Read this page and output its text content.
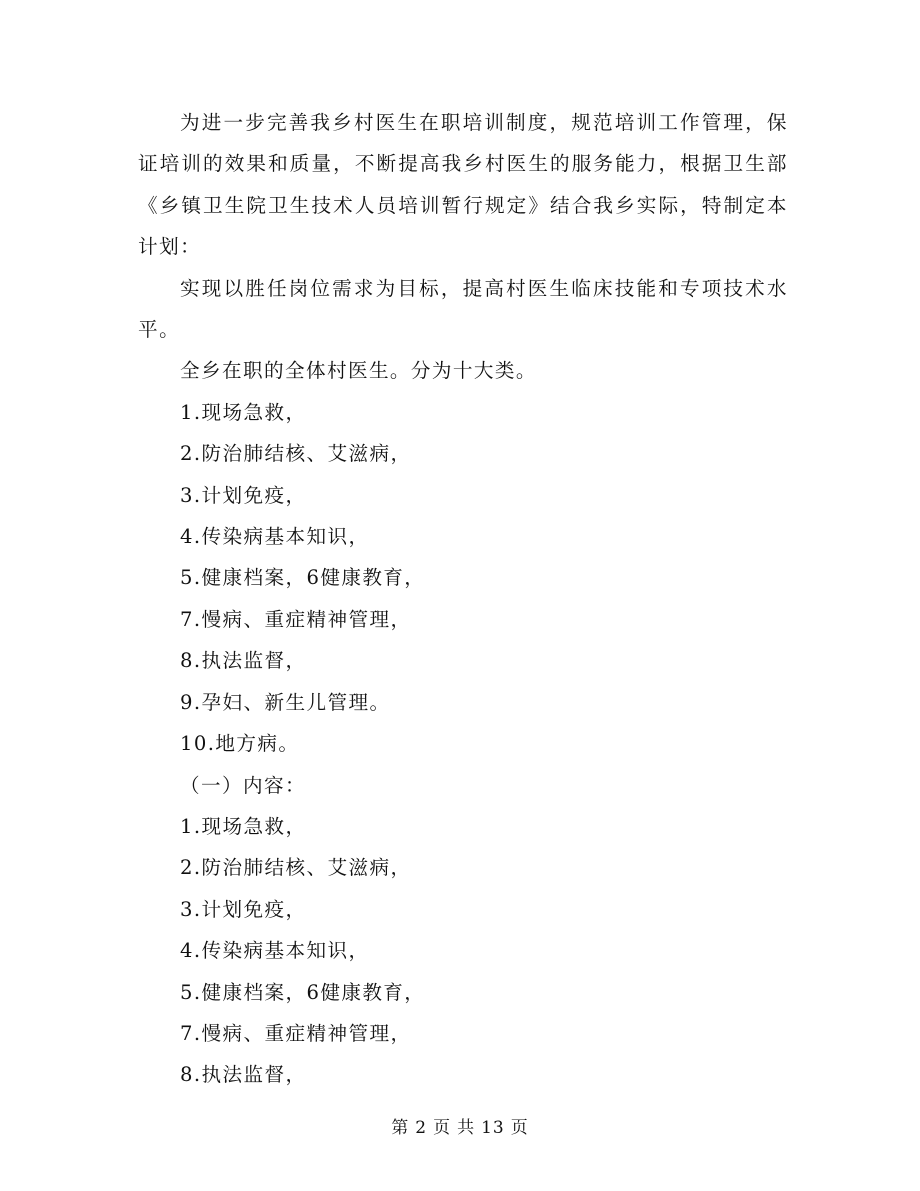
为进一步完善我乡村医生在职培训制度，规范培训工作管理，保证培训的效果和质量，不断提高我乡村医生的服务能力，根据卫生部《乡镇卫生院卫生技术人员培训暂行规定》结合我乡实际，特制定本计划：

实现以胜任岗位需求为目标，提高村医生临床技能和专项技术水平。

全乡在职的全体村医生。分为十大类。

1.现场急救，

2.防治肺结核、艾滋病，

3.计划免疫，

4.传染病基本知识，

5.健康档案，6健康教育，

7.慢病、重症精神管理，

8.执法监督，

9.孕妇、新生儿管理。

10.地方病。

（一）内容：

1.现场急救，

2.防治肺结核、艾滋病，

3.计划免疫，

4.传染病基本知识，

5.健康档案，6健康教育，

7.慢病、重症精神管理，

8.执法监督，

第 2 页 共 13 页
